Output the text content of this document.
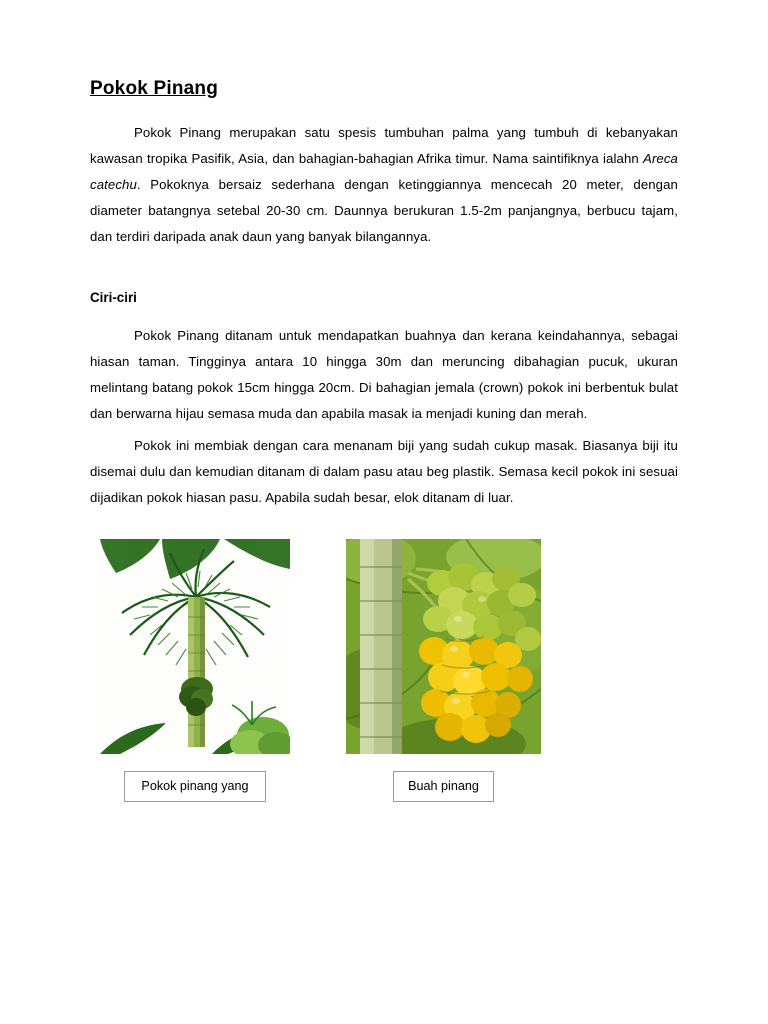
Pokok Pinang

Pokok Pinang merupakan satu spesis tumbuhan palma yang tumbuh di kebanyakan kawasan tropika Pasifik, Asia, dan bahagian-bahagian Afrika timur. Nama saintifiknya ialahn Areca catechu. Pokoknya bersaiz sederhana dengan ketinggiannya mencecah 20 meter, dengan diameter batangnya setebal 20-30 cm. Daunnya berukuran 1.5-2m panjangnya, berbucu tajam, dan terdiri daripada anak daun yang banyak bilangannya.

Ciri-ciri

Pokok Pinang ditanam untuk mendapatkan buahnya dan kerana keindahannya, sebagai hiasan taman. Tingginya antara 10 hingga 30m dan meruncing dibahagian pucuk, ukuran melintang batang pokok 15cm hingga 20cm. Di bahagian jemala (crown) pokok ini berbentuk bulat dan berwarna hijau semasa muda dan apabila masak ia menjadi kuning dan merah.

Pokok ini membiak dengan cara menanam biji yang sudah cukup masak. Biasanya biji itu disemai dulu dan kemudian ditanam di dalam pasu atau beg plastik. Semasa kecil pokok ini sesuai dijadikan pokok hiasan pasu. Apabila sudah besar, elok ditanam di luar.

Pokok pinang yang	Buah pinang
